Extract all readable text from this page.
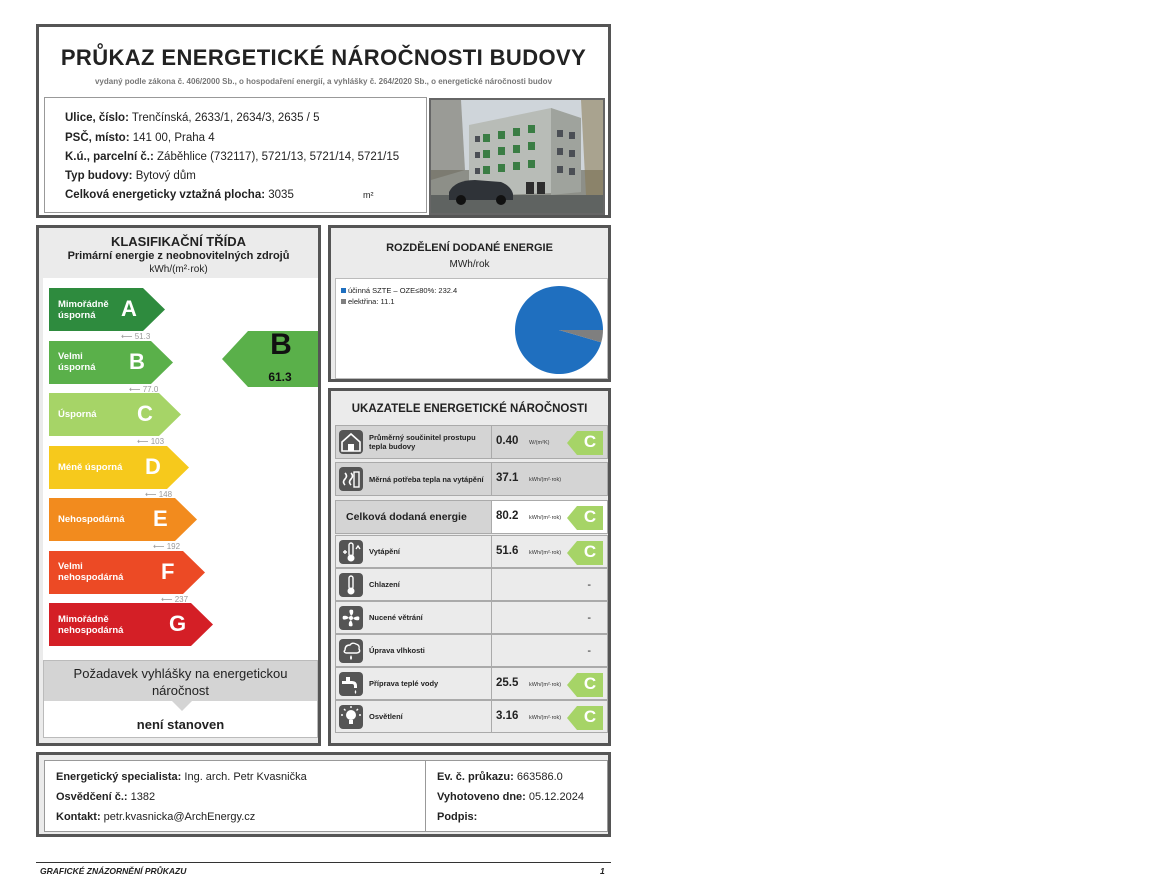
PRŮKAZ ENERGETICKÉ NÁROČNOSTI BUDOVY
vydaný podle zákona č. 406/2000 Sb., o hospodaření energií, a vyhlášky č. 264/2020 Sb., o energetické náročnosti budov
Ulice, číslo: Trenčínská, 2633/1, 2634/3, 2635 / 5
PSČ, místo: 141 00, Praha 4
K.ú., parcelní č.: Záběhlice (732117), 5721/13, 5721/14, 5721/15
Typ budovy: Bytový dům
Celková energeticky vztažná plocha: 3035	m²
KLASIFIKAČNÍ TŘÍDA
Primární energie z neobnovitelných zdrojů
kWh/(m²·rok)
B
61.3
Mimořádně
úsporná	A
⟵ 51.3
Velmi
úsporná B
⟵ 77.0
Úsporná C
⟵ 103
Méně úsporná D
⟵ 148
Nehospodárná E
⟵ 192
Velmi
nehospodárná F
⟵ 237
Mimořádně
nehospodárná G
Požadavek vyhlášky na energetickou náročnost
není stanoven
ROZDĚLENÍ DODANÉ ENERGIE
MWh/rok
účinná SZTE – OZE≤80%: 232.4
elektřina: 11.1
UKAZATELE ENERGETICKÉ NÁROČNOSTI
Průměrný součinitel prostupu tepla budovy	0.40 W/(m²K)	C
Měrná potřeba tepla na vytápění	37.1 kWh/(m²·rok)
Celková dodaná energie	80.2 kWh/(m²·rok)	C
Vytápění	51.6 kWh/(m²·rok)	C
Chlazení	-
Nucené větrání	-
Úprava vlhkosti	-
Příprava teplé vody	25.5 kWh/(m²·rok)	C
Osvětlení	3.16 kWh/(m²·rok)	C
Energetický specialista: Ing. arch. Petr Kvasnička
Osvědčení č.: 1382
Kontakt: petr.kvasnicka@ArchEnergy.cz
Ev. č. průkazu: 663586.0
Vyhotoveno dne: 05.12.2024
Podpis:
GRAFICKÉ ZNÁZORNĚNÍ PRŮKAZU	1
